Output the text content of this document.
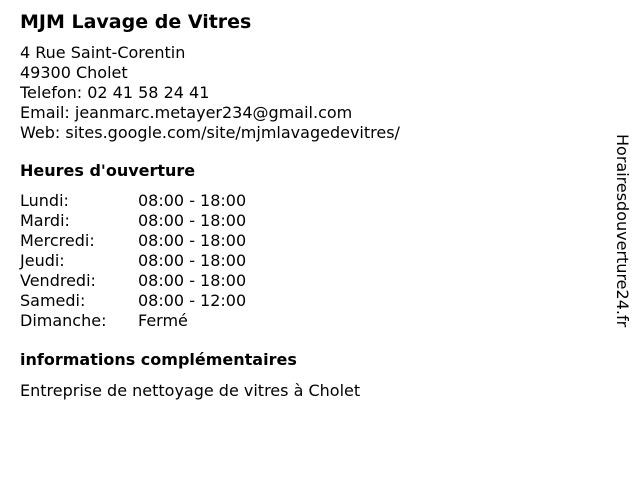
MJM Lavage de Vitres
4 Rue Saint-Corentin
49300 Cholet
Telefon: 02 41 58 24 41
Email: jeanmarc.metayer234@gmail.com
Web: sites.google.com/site/mjmlavagedevitres/
Heures d'ouverture
Lundi:	08:00 - 18:00
Mardi:	08:00 - 18:00
Mercredi:	08:00 - 18:00
Jeudi:	08:00 - 18:00
Vendredi:	08:00 - 18:00
Samedi:	08:00 - 12:00
Dimanche:	Fermé
informations complémentaires
Entreprise de nettoyage de vitres à Cholet
Horairesdouverture24.fr
